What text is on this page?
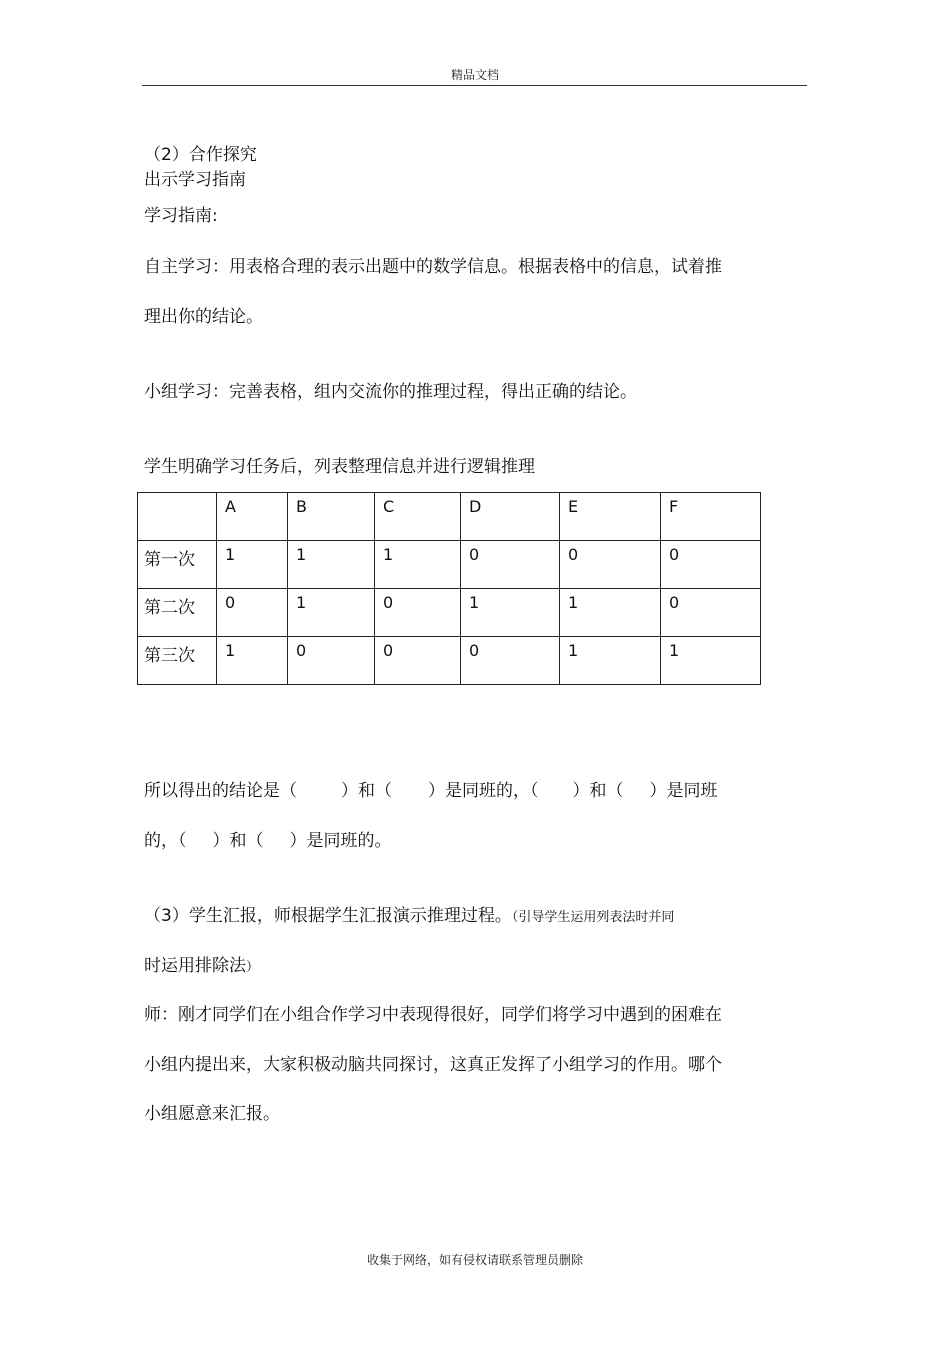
精品文档
（2）合作探究
出示学习指南
学习指南:
自主学习：用表格合理的表示出题中的数学信息。根据表格中的信息，试着推
理出你的结论。
小组学习：完善表格，组内交流你的推理过程，得出正确的结论。
学生明确学习任务后，列表整理信息并进行逻辑推理
	A	B	C	D	E	F
第一次	1	1	1	0	0	0
第二次	0	1	0	1	1	0
第三次	1	0	0	0	1	1
所以得出的结论是（	）和（ ）是同班的，（ ）和（ ）是同班
的，（ ）和（ ）是同班的。
（3）学生汇报，师根据学生汇报演示推理过程。（引导学生运用列表法时并同
时运用排除法）
师：刚才同学们在小组合作学习中表现得很好，同学们将学习中遇到的困难在
小组内提出来，大家积极动脑共同探讨，这真正发挥了小组学习的作用。哪个
小组愿意来汇报。
收集于网络，如有侵权请联系管理员删除
